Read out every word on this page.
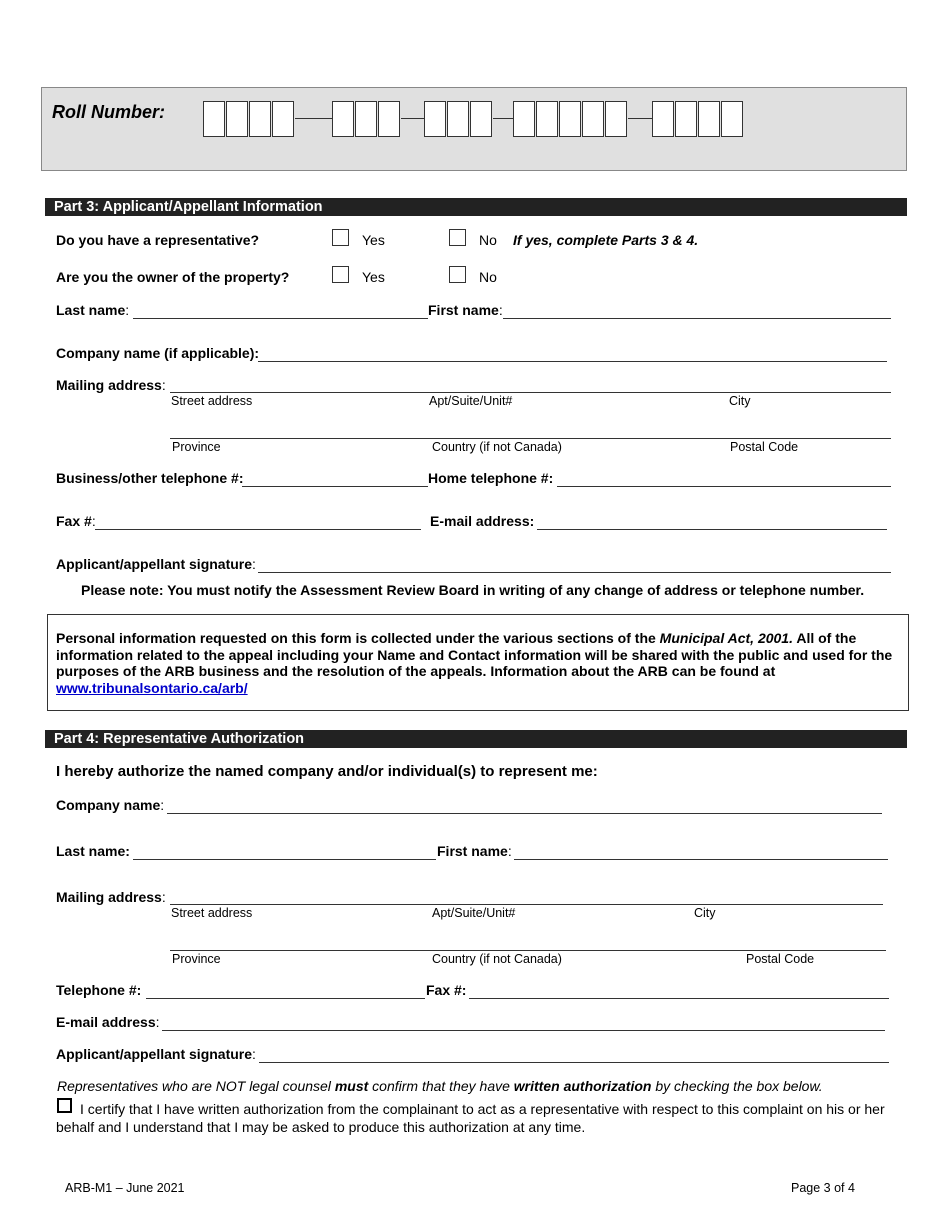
Roll Number:
Part 3: Applicant/Appellant Information
Do you have a representative?	Yes	No If yes, complete Parts 3 & 4.
Are you the owner of the property?	Yes	No
Last name:	First name:
Company name (if applicable):
Mailing address:
Street address	Apt/Suite/Unit#	City
Province	Country (if not Canada)	Postal Code
Business/other telephone #:	Home telephone #:
Fax #:	E-mail address:
Applicant/appellant signature:
Please note: You must notify the Assessment Review Board in writing of any change of address or telephone number.
Personal information requested on this form is collected under the various sections of the Municipal Act, 2001. All of the information related to the appeal including your Name and Contact information will be shared with the public and used for the purposes of the ARB business and the resolution of the appeals. Information about the ARB can be found at
www.tribunalsontario.ca/arb/
Part 4: Representative Authorization
I hereby authorize the named company and/or individual(s) to represent me:
Company name:
Last name:	First name:
Mailing address:
Street address	Apt/Suite/Unit#	City
Province	Country (if not Canada)	Postal Code
Telephone #:	Fax #:
E-mail address:
Applicant/appellant signature:
Representatives who are NOT legal counsel must confirm that they have written authorization by checking the box below.
I certify that I have written authorization from the complainant to act as a representative with respect to this complaint on his or her behalf and I understand that I may be asked to produce this authorization at any time.
ARB-M1 – June 2021	Page 3 of 4
